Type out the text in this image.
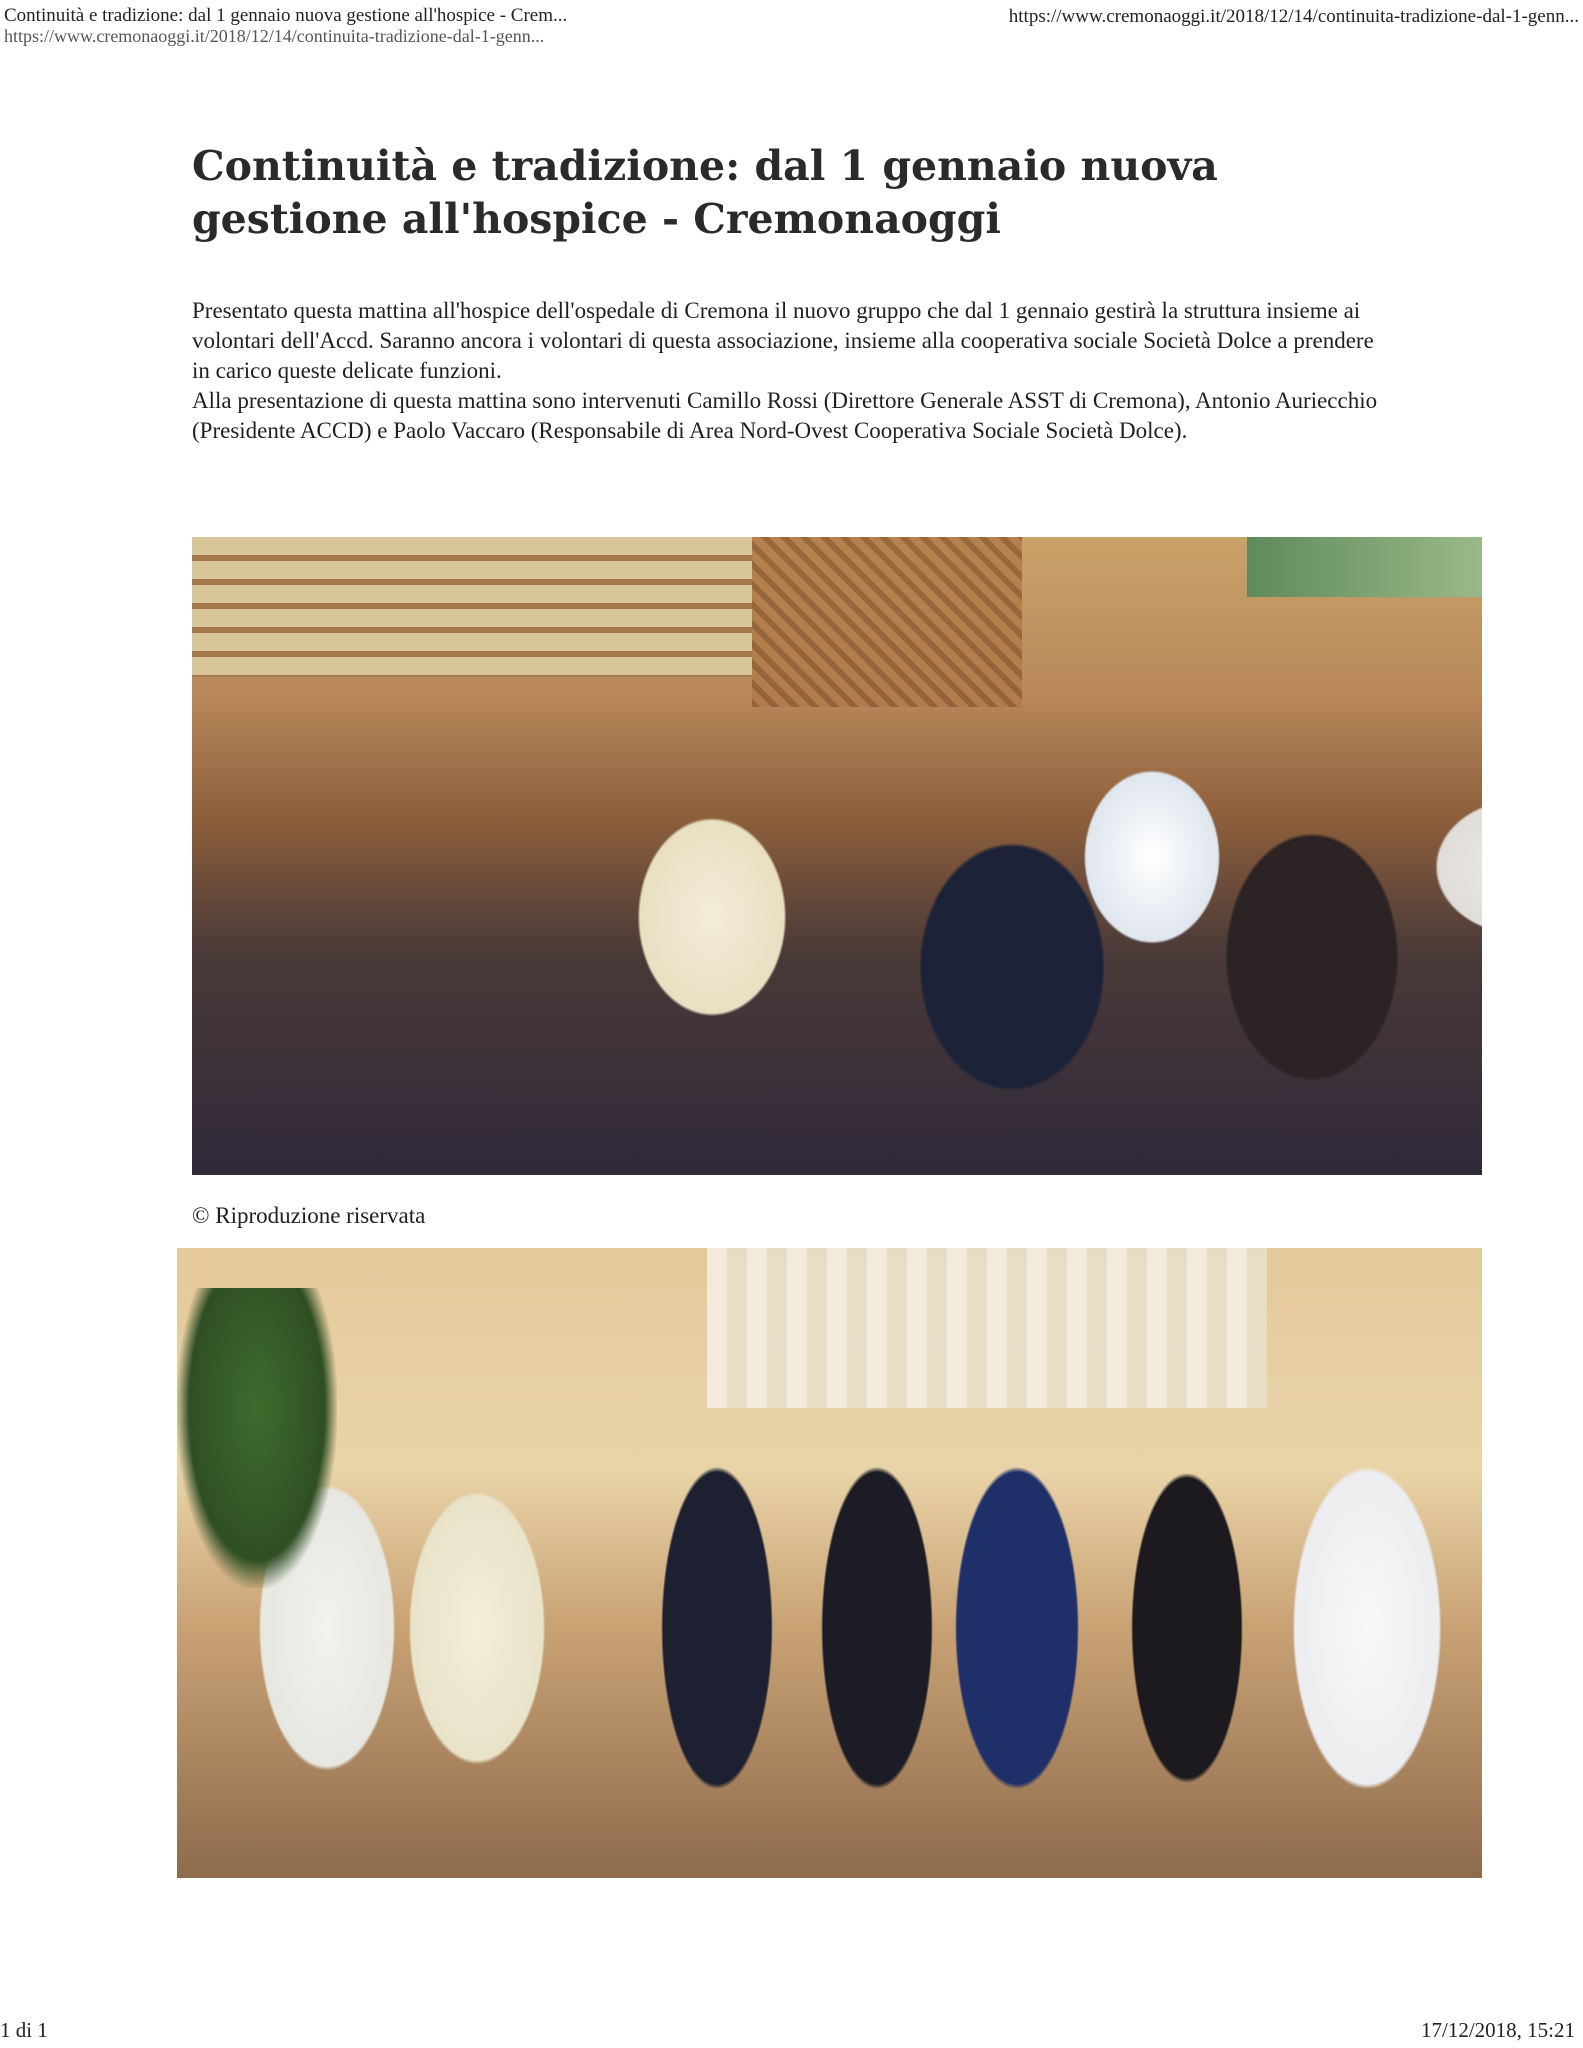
Continuità e tradizione: dal 1 gennaio nuova gestione all'hospice - Crem...
https://www.cremonaoggi.it/2018/12/14/continuita-tradizione-dal-1-genn...
https://www.cremonaoggi.it/2018/12/14/continuita-tradizione-dal-1-genn...
Continuità e tradizione: dal 1 gennaio nuova gestione all'hospice - Cremonaoggi

Presentato questa mattina all'hospice dell'ospedale di Cremona il nuovo gruppo che dal 1 gennaio gestirà la struttura insieme ai volontari dell'Accd. Saranno ancora i volontari di questa associazione, insieme alla cooperativa sociale Società Dolce a prendere in carico queste delicate funzioni.

Alla presentazione di questa mattina sono intervenuti Camillo Rossi (Direttore Generale ASST di Cremona), Antonio Auriecchio (Presidente ACCD) e Paolo Vaccaro (Responsabile di Area Nord-Ovest Cooperativa Sociale Società Dolce).

© Riproduzione riservata
1 di 1	17/12/2018, 15:21
